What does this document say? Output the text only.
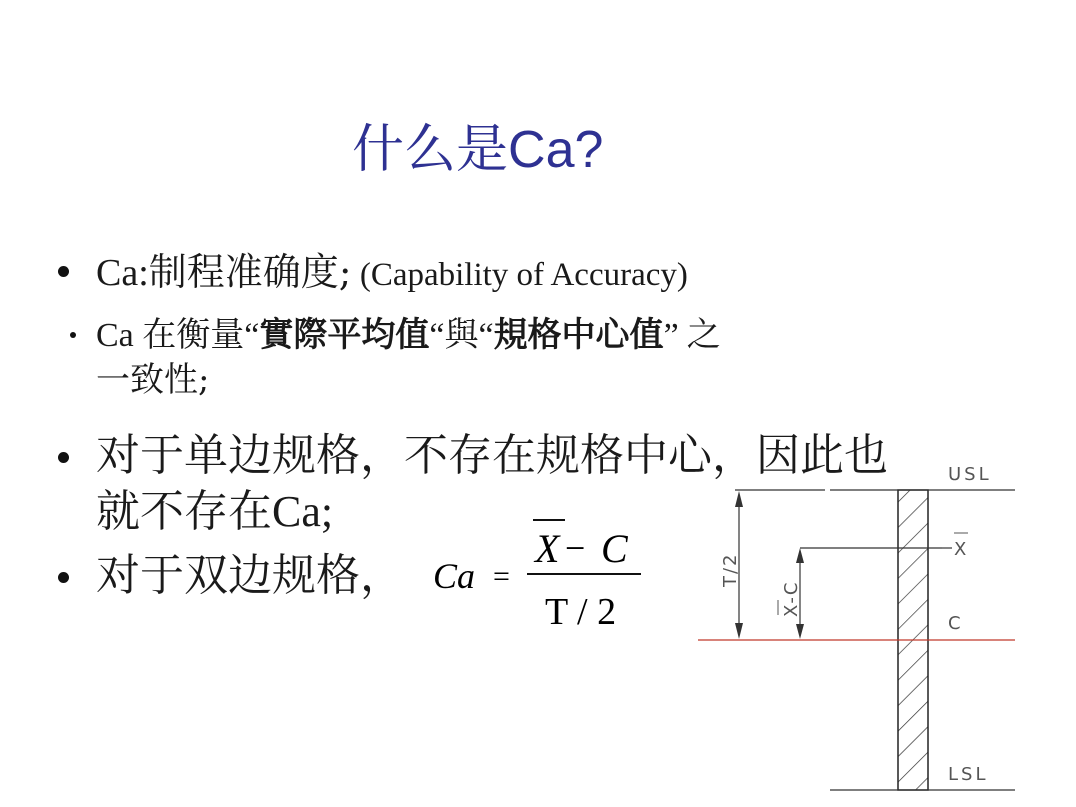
什么是Ca?
Ca:制程准确度; (Capability of Accuracy)
Ca 在衡量“實際平均值“與“規格中心值” 之
一致性;
对于单边规格，不存在规格中心，因此也
就不存在Ca;
对于双边规格， Ca =
X − C
T / 2
USL
X
C
LSL
T/2
X-C
